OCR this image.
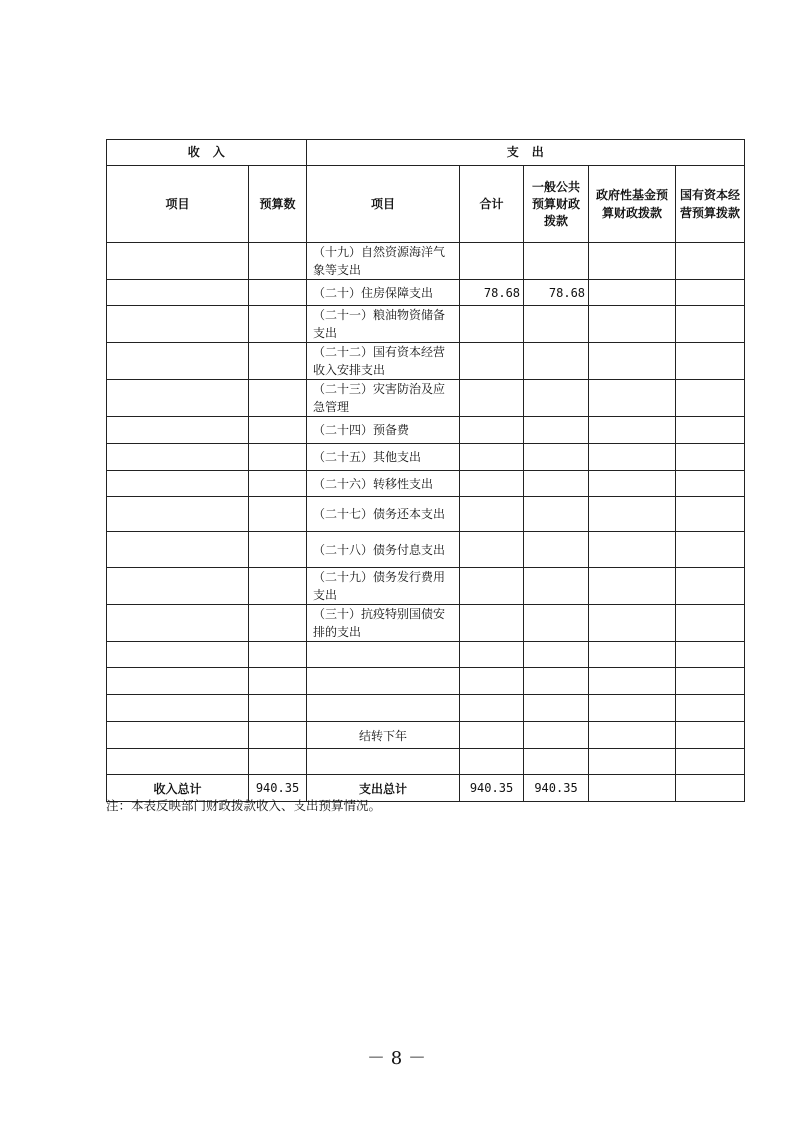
收　入		支　出				
项目	预算数	项目	合计	一般公共预算财政拨款	政府性基金预算财政拨款	国有资本经营预算拨款
		（十九）自然资源海洋气象等支出				
		（二十）住房保障支出	78.68	78.68		
		（二十一）粮油物资储备支出				
		（二十二）国有资本经营收入安排支出				
		（二十三）灾害防治及应急管理				
		（二十四）预备费				
		（二十五）其他支出				
		（二十六）转移性支出				
		（二十七）债务还本支出				
		（二十八）债务付息支出				
		（二十九）债务发行费用支出				
		（三十）抗疫特别国债安排的支出				

		结转下年				

收入总计	940.35	支出总计	940.35	940.35		
注：本表反映部门财政拨款收入、支出预算情况。
－ 8 －
